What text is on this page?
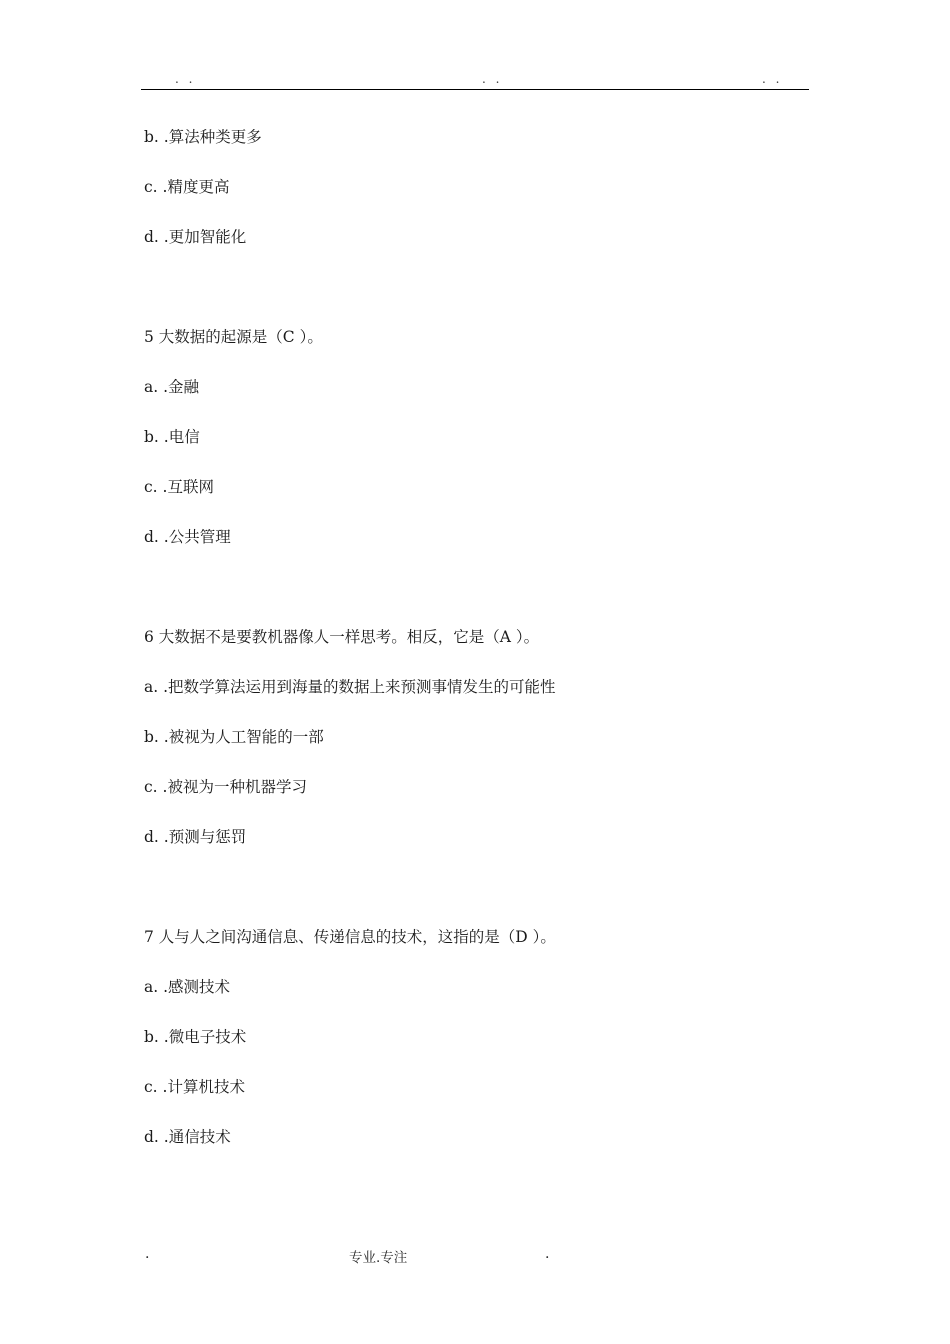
. .	. .	. .
b. .算法种类更多
c. .精度更高
d. .更加智能化
5 大数据的起源是（C ）。
a. .金融
b. .电信
c. .互联网
d. .公共管理
6 大数据不是要教机器像人一样思考。相反，它是（A ）。
a. .把数学算法运用到海量的数据上来预测事情发生的可能性
b. .被视为人工智能的一部
c. .被视为一种机器学习
d. .预测与惩罚
7 人与人之间沟通信息、传递信息的技术，这指的是（D ）。
a. .感测技术
b. .微电子技术
c. .计算机技术
d. .通信技术
.	专业.专注	.
